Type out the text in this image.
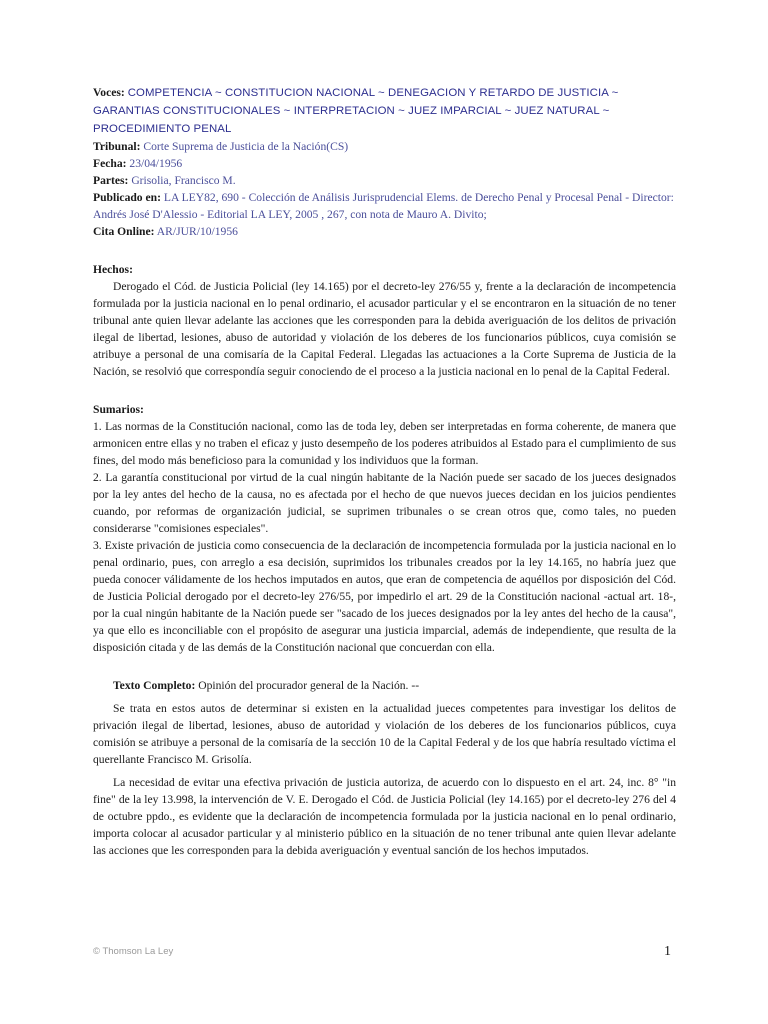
Voces: COMPETENCIA ~ CONSTITUCION NACIONAL ~ DENEGACION Y RETARDO DE JUSTICIA ~ GARANTIAS CONSTITUCIONALES ~ INTERPRETACION ~ JUEZ IMPARCIAL ~ JUEZ NATURAL ~ PROCEDIMIENTO PENAL

Tribunal: Corte Suprema de Justicia de la Nación(CS)

Fecha: 23/04/1956

Partes: Grisolia, Francisco M.

Publicado en: LA LEY82, 690 - Colección de Análisis Jurisprudencial Elems. de Derecho Penal y Procesal Penal - Director: Andrés José D'Alessio - Editorial LA LEY, 2005 , 267, con nota de Mauro A. Divito;

Cita Online: AR/JUR/10/1956

Hechos:

Derogado el Cód. de Justicia Policial (ley 14.165) por el decreto-ley 276/55 y, frente a la declaración de incompetencia formulada por la justicia nacional en lo penal ordinario, el acusador particular y el se encontraron en la situación de no tener tribunal ante quien llevar adelante las acciones que les corresponden para la debida averiguación de los delitos de privación ilegal de libertad, lesiones, abuso de autoridad y violación de los deberes de los funcionarios públicos, cuya comisión se atribuye a personal de una comisaría de la Capital Federal. Llegadas las actuaciones a la Corte Suprema de Justicia de la Nación, se resolvió que correspondía seguir conociendo de el proceso a la justicia nacional en lo penal de la Capital Federal.

Sumarios:

1. Las normas de la Constitución nacional, como las de toda ley, deben ser interpretadas en forma coherente, de manera que armonicen entre ellas y no traben el eficaz y justo desempeño de los poderes atribuidos al Estado para el cumplimiento de sus fines, del modo más beneficioso para la comunidad y los individuos que la forman.

2. La garantía constitucional por virtud de la cual ningún habitante de la Nación puede ser sacado de los jueces designados por la ley antes del hecho de la causa, no es afectada por el hecho de que nuevos jueces decidan en los juicios pendientes cuando, por reformas de organización judicial, se suprimen tribunales o se crean otros que, como tales, no pueden considerarse "comisiones especiales".

3. Existe privación de justicia como consecuencia de la declaración de incompetencia formulada por la justicia nacional en lo penal ordinario, pues, con arreglo a esa decisión, suprimidos los tribunales creados por la ley 14.165, no habría juez que pueda conocer válidamente de los hechos imputados en autos, que eran de competencia de aquéllos por disposición del Cód. de Justicia Policial derogado por el decreto-ley 276/55, por impedirlo el art. 29 de la Constitución nacional -actual art. 18-, por la cual ningún habitante de la Nación puede ser "sacado de los jueces designados por la ley antes del hecho de la causa", ya que ello es inconciliable con el propósito de asegurar una justicia imparcial, además de independiente, que resulta de la disposición citada y de las demás de la Constitución nacional que concuerdan con ella.

Texto Completo: Opinión del procurador general de la Nación. --

Se trata en estos autos de determinar si existen en la actualidad jueces competentes para investigar los delitos de privación ilegal de libertad, lesiones, abuso de autoridad y violación de los deberes de los funcionarios públicos, cuya comisión se atribuye a personal de la comisaría de la sección 10 de la Capital Federal y de los que habría resultado víctima el querellante Francisco M. Grisolía.

La necesidad de evitar una efectiva privación de justicia autoriza, de acuerdo con lo dispuesto en el art. 24, inc. 8° "in fine" de la ley 13.998, la intervención de V. E. Derogado el Cód. de Justicia Policial (ley 14.165) por el decreto-ley 276 del 4 de octubre ppdo., es evidente que la declaración de incompetencia formulada por la justicia nacional en lo penal ordinario, importa colocar al acusador particular y al ministerio público en la situación de no tener tribunal ante quien llevar adelante las acciones que les corresponden para la debida averiguación y eventual sanción de los hechos imputados.

© Thomson La Ley	1
